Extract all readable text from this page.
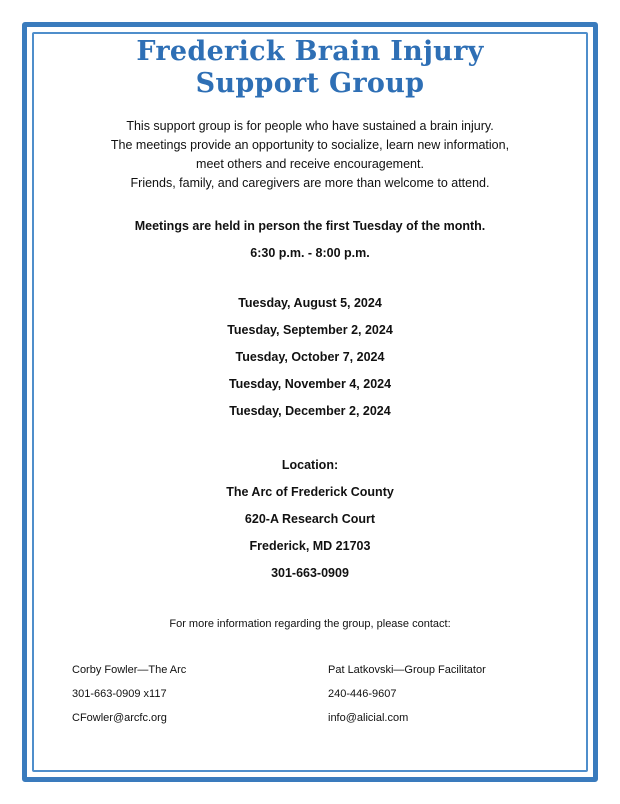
Frederick Brain Injury
Support Group
This support group is for people who have sustained a brain injury.
The meetings provide an opportunity to socialize, learn new information,
meet others and receive encouragement.
Friends, family, and caregivers are more than welcome to attend.
Meetings are held in person the first Tuesday of the month.
6:30 p.m. - 8:00 p.m.
Tuesday, August 5, 2024
Tuesday, September 2, 2024
Tuesday, October 7, 2024
Tuesday, November 4, 2024
Tuesday, December 2, 2024
Location:
The Arc of Frederick County
620-A Research Court
Frederick, MD 21703
301-663-0909
For more information regarding the group, please contact:
Corby Fowler—The Arc
301-663-0909 x117
CFowler@arcfc.org
Pat Latkovski—Group Facilitator
240-446-9607
info@alicial.com
